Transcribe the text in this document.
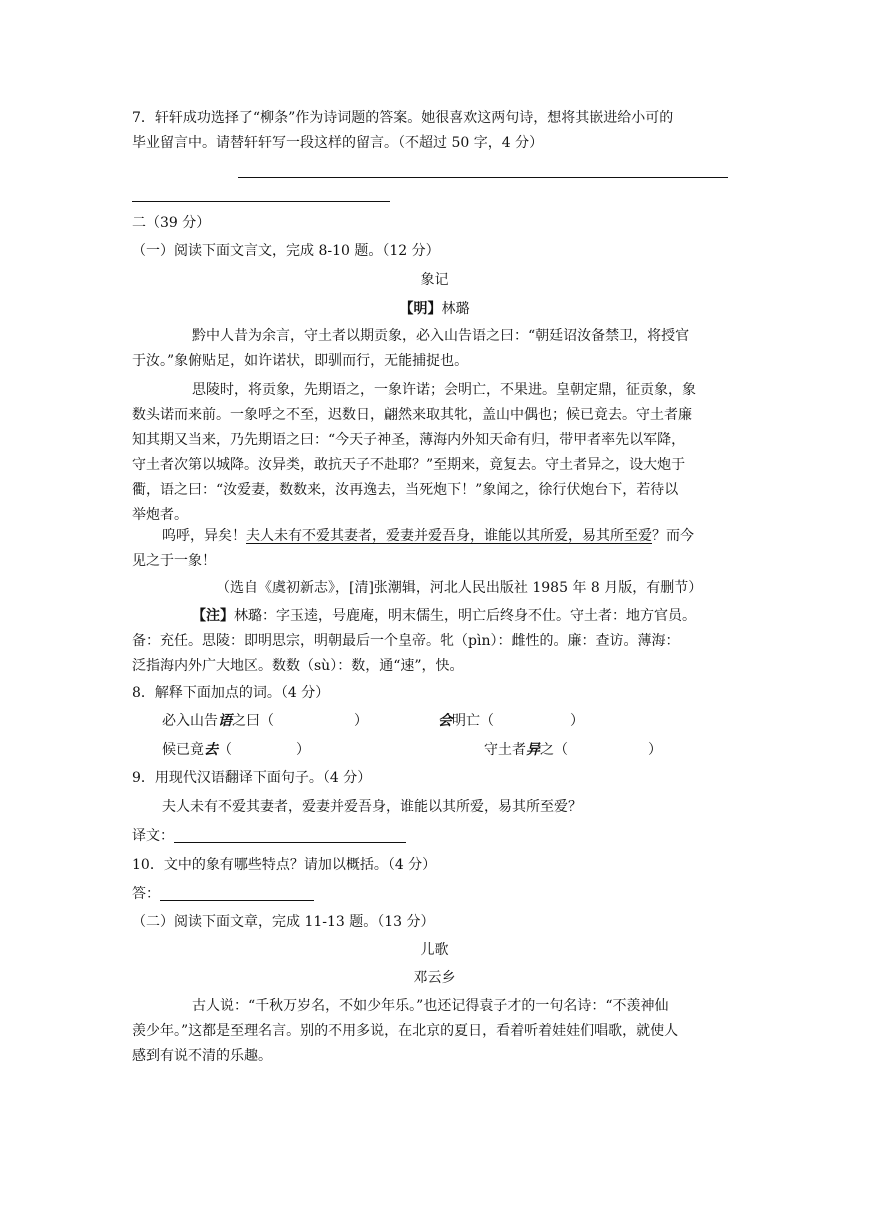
7．轩轩成功选择了“柳条”作为诗词题的答案。她很喜欢这两句诗，想将其嵌进给小可的
毕业留言中。请替轩轩写一段这样的留言。（不超过 50 字，4 分）
二（39 分）
（一）阅读下面文言文，完成 8-10 题。（12 分）
象记
【明】林璐
黔中人昔为余言，守土者以期贡象，必入山告语之曰：“朝廷诏汝备禁卫，将授官
于汝。”象俯贴足，如许诺状，即驯而行，无能捕捉也。
思陵时，将贡象，先期语之，一象许诺；会明亡，不果进。皇朝定鼎，征贡象，象
数头诺而来前。一象呼之不至，迟数日，翩然来取其牝，盖山中偶也；候已竟去。守土者廉
知其期又当来，乃先期语之曰：“今天子神圣，薄海内外知天命有归，带甲者率先以军降，
守土者次第以城降。汝异类，敢抗天子不赴耶？”至期来，竟复去。守土者异之，设大炮于
衢，语之曰：“汝爱妻，数数来，汝再逸去，当死炮下！”象闻之，徐行伏炮台下，若待以
举炮者。
呜呼，异矣！夫人未有不爱其妻者，爱妻并爱吾身，谁能以其所爱，易其所至爱？而今
见之于一象！
（选自《虞初新志》，[清]张潮辑，河北人民出版社 1985 年 8 月版，有删节）
【注】林璐：字玉逵，号鹿庵，明末儒生，明亡后终身不仕。守土者：地方官员。
备：充任。思陵：即明思宗，明朝最后一个皇帝。牝（pìn）：雌性的。廉：查访。薄海：
泛指海内外广大地区。数数（sù）：数，通“速”，快。
8．解释下面加点的词。（4 分）
必入山告语之曰（	）	会明亡（	）
候已竟去（	）	守土者异之（	）
9．用现代汉语翻译下面句子。（4 分）
夫人未有不爱其妻者，爱妻并爱吾身，谁能以其所爱，易其所至爱？
译文：
10．文中的象有哪些特点？请加以概括。（4 分）
答：
（二）阅读下面文章，完成 11-13 题。（13 分）
儿歌
邓云乡
古人说：“千秋万岁名，不如少年乐。”也还记得袁子才的一句名诗：“不羡神仙
羡少年。”这都是至理名言。别的不用多说，在北京的夏日，看着听着娃娃们唱歌，就使人
感到有说不清的乐趣。
